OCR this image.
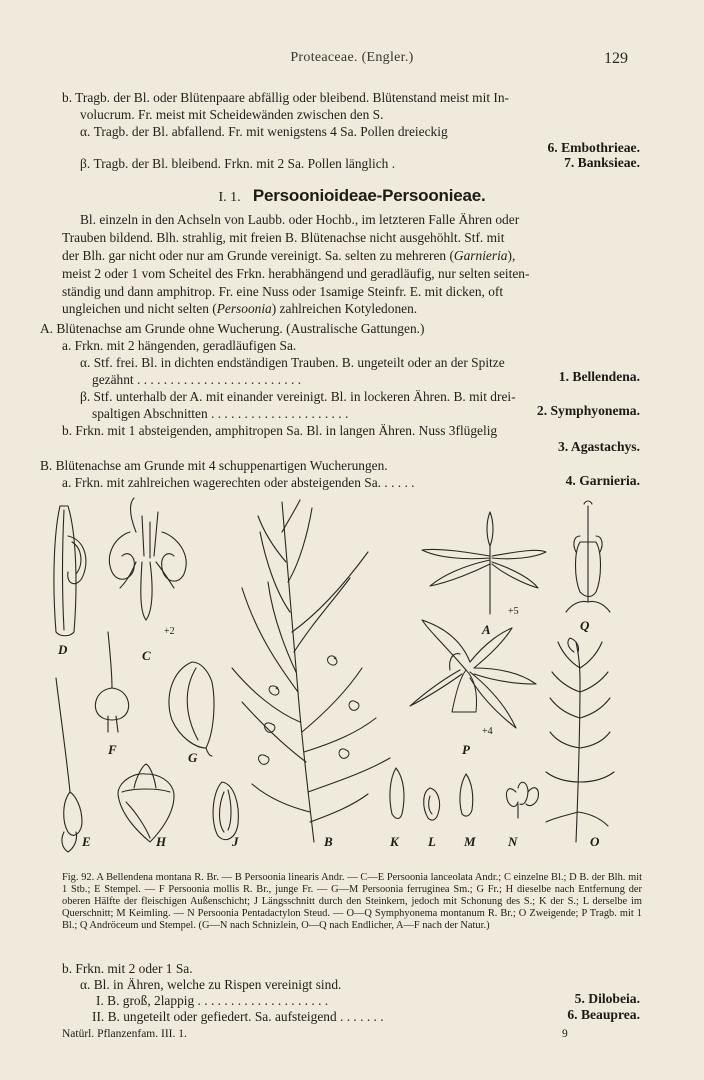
Proteaceae. (Engler.)	129
b. Tragb. der Bl. oder Blütenpaare abfällig oder bleibend. Blütenstand meist mit In-
volucrum. Fr. meist mit Scheidewänden zwischen den S.
α. Tragb. der Bl. abfallend. Fr. mit wenigstens 4 Sa. Pollen dreieckig
6. Embothrieae.
β. Tragb. der Bl. bleibend. Frkn. mit 2 Sa. Pollen länglich .	7. Banksieae.
I. 1. Persoonioideae-Persoonieae.
Bl. einzeln in den Achseln von Laubb. oder Hochb., im letzteren Falle Ähren oder
Trauben bildend. Blh. strahlig, mit freien B. Blütenachse nicht ausgehöhlt. Stf. mit
der Blh. gar nicht oder nur am Grunde vereinigt. Sa. selten zu mehreren (Garnieria),
meist 2 oder 1 vom Scheitel des Frkn. herabhängend und geradläufig, nur selten seiten-
ständig und dann amphitrop. Fr. eine Nuss oder 1samige Steinfr. E. mit dicken, oft
ungleichen und nicht selten (Persoonia) zahlreichen Kotyledonen.
A. Blütenachse am Grunde ohne Wucherung. (Australische Gattungen.)
a. Frkn. mit 2 hängenden, geradläufigen Sa.
α. Stf. frei. Bl. in dichten endständigen Trauben. B. ungeteilt oder an der Spitze
gezähnt . . . . . . . . . . . . . . . . . . . . . . . . .	1. Bellendena.
β. Stf. unterhalb der A. mit einander vereinigt. Bl. in lockeren Ähren. B. mit drei-
spaltigen Abschnitten . . . . . . . . . . . . . . . . . . . . .	2. Symphyonema.
b. Frkn. mit 1 absteigenden, amphitropen Sa. Bl. in langen Ähren. Nuss 3flügelig
3. Agastachys.
B. Blütenachse am Grunde mit 4 schuppenartigen Wucherungen.
a. Frkn. mit zahlreichen wagerechten oder absteigenden Sa. . . . . .	4. Garnieria.
D	C
+2
F
G
E	H	J	B
A
+5
Q
P
+4
K L M N	O
Fig. 92. A Bellendena montana R. Br. — B Persoonia linearis Andr. — C—E Persoonia lanceolata Andr.; C einzelne Bl.; D B. der Blh. mit 1 Stb.; E Stempel. — F Persoonia mollis R. Br., junge Fr. — G—M Persoonia ferruginea Sm.; G Fr.; H dieselbe nach Entfernung der oberen Hälfte der fleischigen Außenschicht; J Längsschnitt durch den Steinkern, jedoch mit Schonung des S.; K der S.; L derselbe im Querschnitt; M Keimling. — N Persoonia Pentadactylon Steud. — O—Q Symphyonema montanum R. Br.; O Zweigende; P Tragb. mit 1 Bl.; Q Andröceum und Stempel. (G—N nach Schnizlein, O—Q nach Endlicher, A—F nach der Natur.)
b. Frkn. mit 2 oder 1 Sa.
α. Bl. in Ähren, welche zu Rispen vereinigt sind.
I. B. groß, 2lappig . . . . . . . . . . . . . . . . . . . .	5. Dilobeia.
II. B. ungeteilt oder gefiedert. Sa. aufsteigend . . . . . . .	6. Beauprea.
Natürl. Pflanzenfam. III. 1.	9
